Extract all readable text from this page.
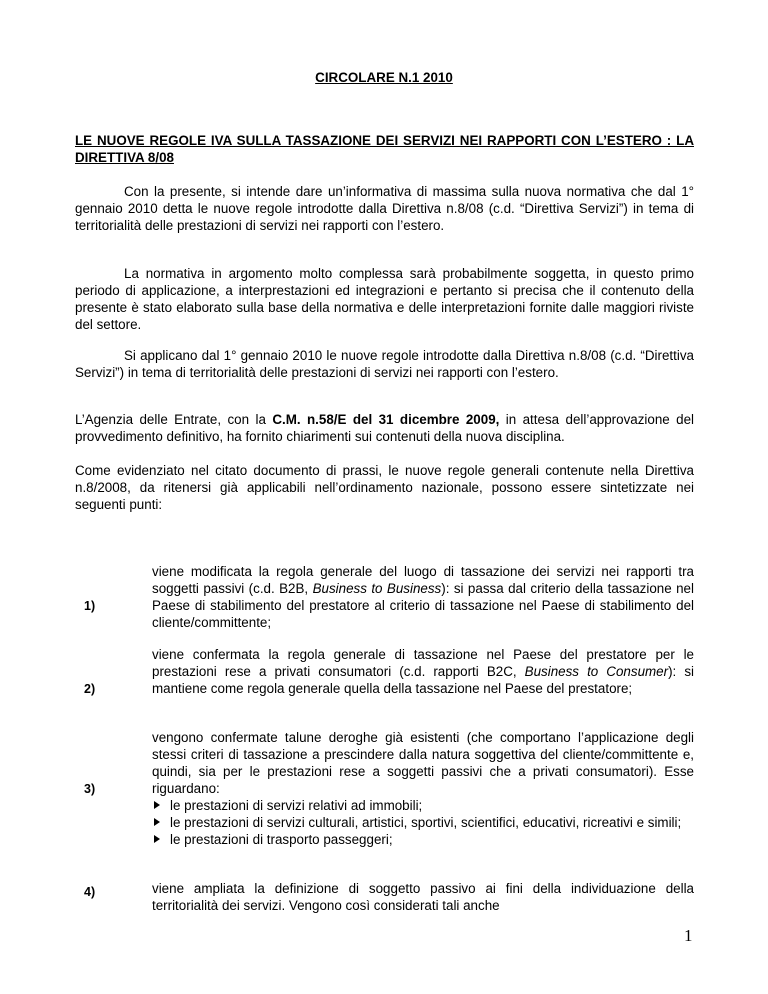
CIRCOLARE N.1 2010
LE NUOVE REGOLE IVA SULLA TASSAZIONE DEI SERVIZI NEI RAPPORTI CON L’ESTERO : LA DIRETTIVA 8/08

Con la presente, si intende dare un’informativa di massima sulla nuova normativa che dal 1° gennaio 2010 detta le nuove regole introdotte dalla Direttiva n.8/08 (c.d. “Direttiva Servizi”) in tema di territorialità delle prestazioni di servizi nei rapporti con l’estero.

La normativa in argomento molto complessa sarà probabilmente soggetta, in questo primo periodo di applicazione, a interprestazioni ed integrazioni e pertanto si precisa che il contenuto della presente è stato elaborato sulla base della normativa e delle interpretazioni fornite dalle maggiori riviste del settore.

Si applicano dal 1° gennaio 2010 le nuove regole introdotte dalla Direttiva n.8/08 (c.d. “Direttiva Servizi”) in tema di territorialità delle prestazioni di servizi nei rapporti con l’estero.

L’Agenzia delle Entrate, con la C.M. n.58/E del 31 dicembre 2009, in attesa dell’approvazione del provvedimento definitivo, ha fornito chiarimenti sui contenuti della nuova disciplina.

Come evidenziato nel citato documento di prassi, le nuove regole generali contenute nella Direttiva n.8/2008, da ritenersi già applicabili nell’ordinamento nazionale, possono essere sintetizzate nei seguenti punti:

1)

viene modificata la regola generale del luogo di tassazione dei servizi nei rapporti tra soggetti passivi (c.d. B2B, Business to Business): si passa dal criterio della tassazione nel Paese di stabilimento del prestatore al criterio di tassazione nel Paese di stabilimento del cliente/committente;

2)

viene confermata la regola generale di tassazione nel Paese del prestatore per le prestazioni rese a privati consumatori (c.d. rapporti B2C, Business to Consumer): si mantiene come regola generale quella della tassazione nel Paese del prestatore;

3)
vengono confermate talune deroghe già esistenti (che comportano l’applicazione degli stessi criteri di tassazione a prescindere dalla natura soggettiva del cliente/committente e, quindi, sia per le prestazioni rese a soggetti passivi che a privati consumatori). Esse riguardano:
le prestazioni di servizi relativi ad immobili;
le prestazioni di servizi culturali, artistici, sportivi, scientifici, educativi, ricreativi e simili;
le prestazioni di trasporto passeggeri;
4)	viene ampliata la definizione di soggetto passivo ai fini della individuazione della territorialità dei servizi. Vengono così considerati tali anche
1
